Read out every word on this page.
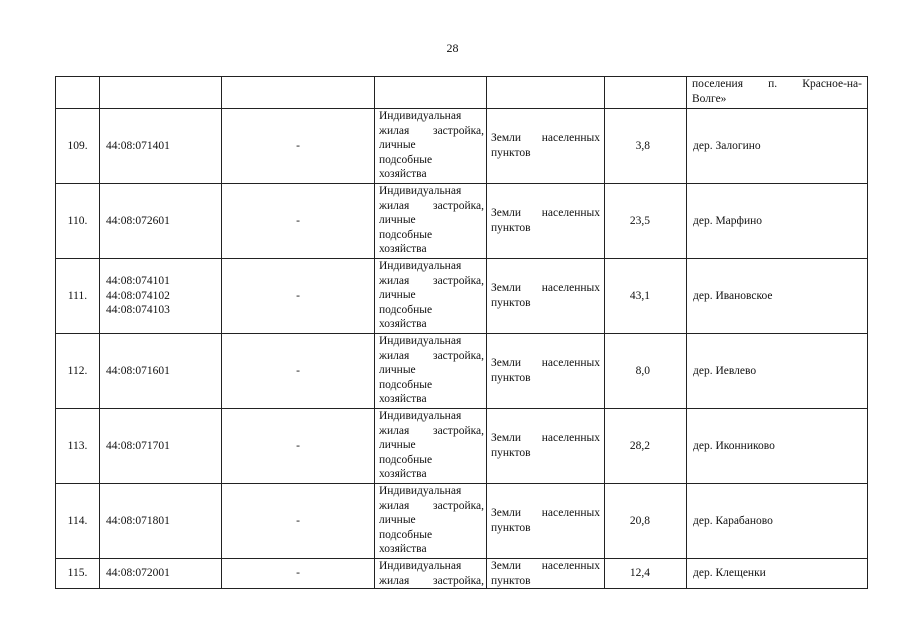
28

						поселения п. Красное-на-
Волге»

109.	44:08:071401	-	Индивидуальная
жилая застройка,
личные
подсобные
хозяйства	Земли населенных
пунктов	3,8	дер. Залогино
110.	44:08:072601	-	Индивидуальная
жилая застройка,
личные
подсобные
хозяйства	Земли населенных
пунктов	23,5	дер. Марфино
111.	44:08:074101
44:08:074102
44:08:074103	-	Индивидуальная
жилая застройка,
личные
подсобные
хозяйства	Земли населенных
пунктов	43,1	дер. Ивановское
112.	44:08:071601	-	Индивидуальная
жилая застройка,
личные
подсобные
хозяйства	Земли населенных
пунктов	8,0	дер. Иевлево
113.	44:08:071701	-	Индивидуальная
жилая застройка,
личные
подсобные
хозяйства	Земли населенных
пунктов	28,2	дер. Иконниково
114.	44:08:071801	-	Индивидуальная
жилая застройка,
личные
подсобные
хозяйства	Земли населенных
пунктов	20,8	дер. Карабаново
115.	44:08:072001	-	Индивидуальная
жилая застройка,	Земли населенных
пунктов	12,4	дер. Клещенки
